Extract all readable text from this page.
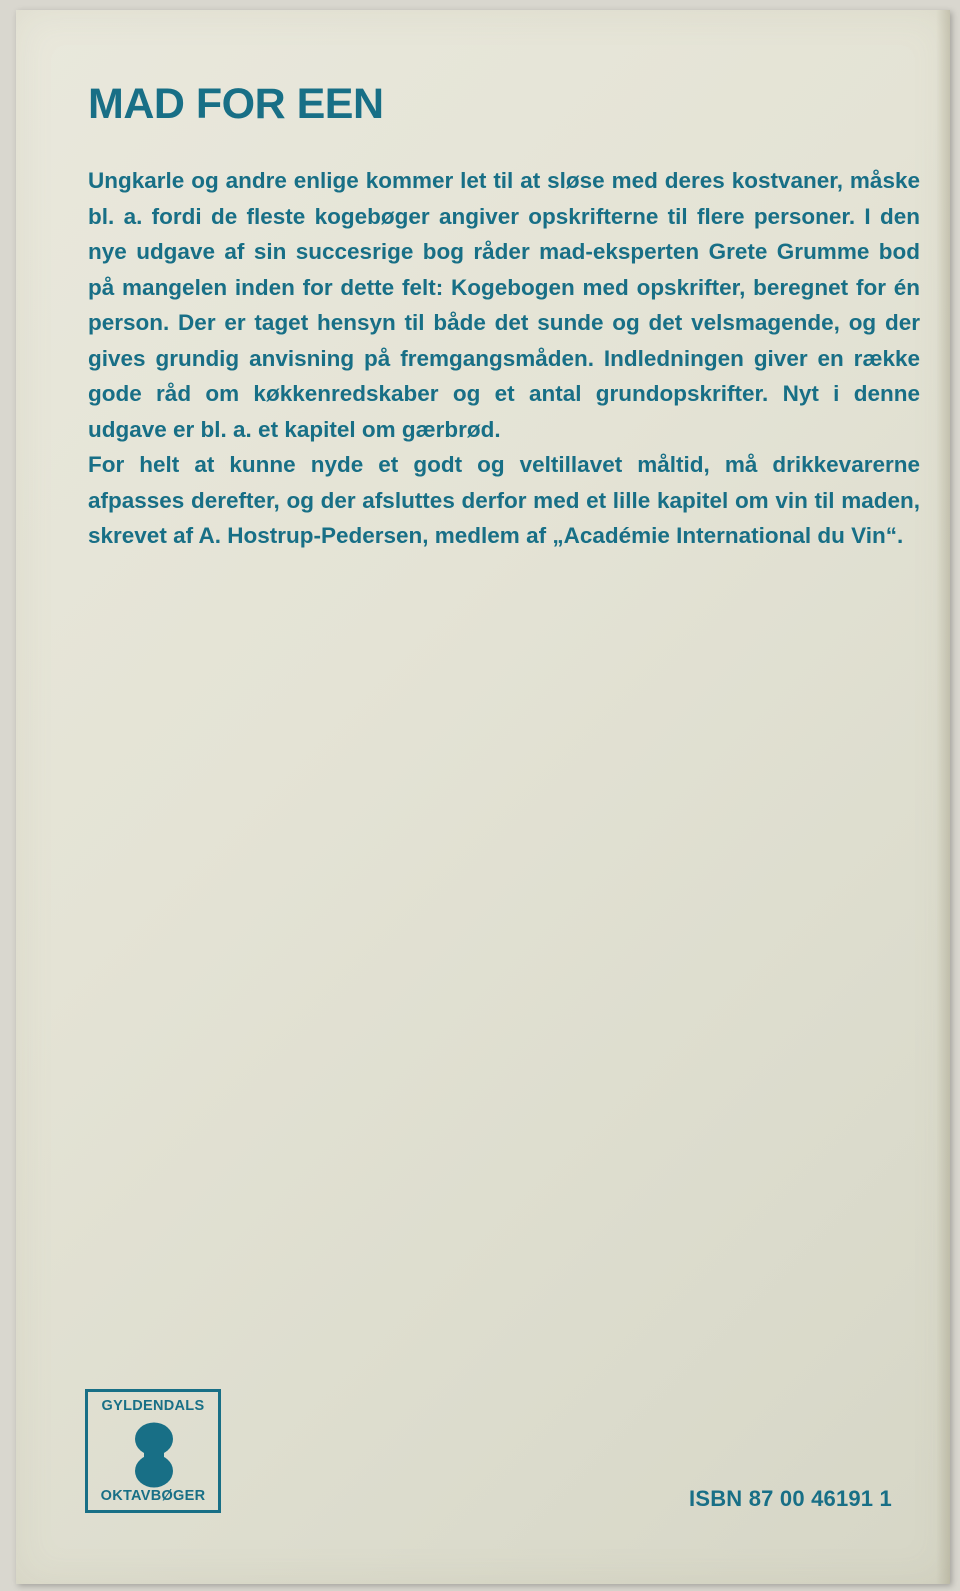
MAD FOR EEN

Ungkarle og andre enlige kommer let til at sløse med deres kostvaner, måske bl. a. fordi de fleste kogebøger angiver opskrifterne til flere personer. I den nye udgave af sin succesrige bog råder mad-eksperten Grete Grumme bod på mangelen inden for dette felt: Kogebogen med opskrifter, beregnet for én person. Der er taget hensyn til både det sunde og det velsmagende, og der gives grundig anvisning på fremgangsmåden. Indledningen giver en række gode råd om køkkenredskaber og et antal grundopskrifter. Nyt i denne udgave er bl. a. et kapitel om gærbrød.

For helt at kunne nyde et godt og veltillavet måltid, må drikkevarerne afpasses derefter, og der afsluttes derfor med et lille kapitel om vin til maden, skrevet af A. Hostrup-Pedersen, medlem af „Académie International du Vin“.

GYLDENDALS
OKTAVBØGER	ISBN 87 00 46191 1
